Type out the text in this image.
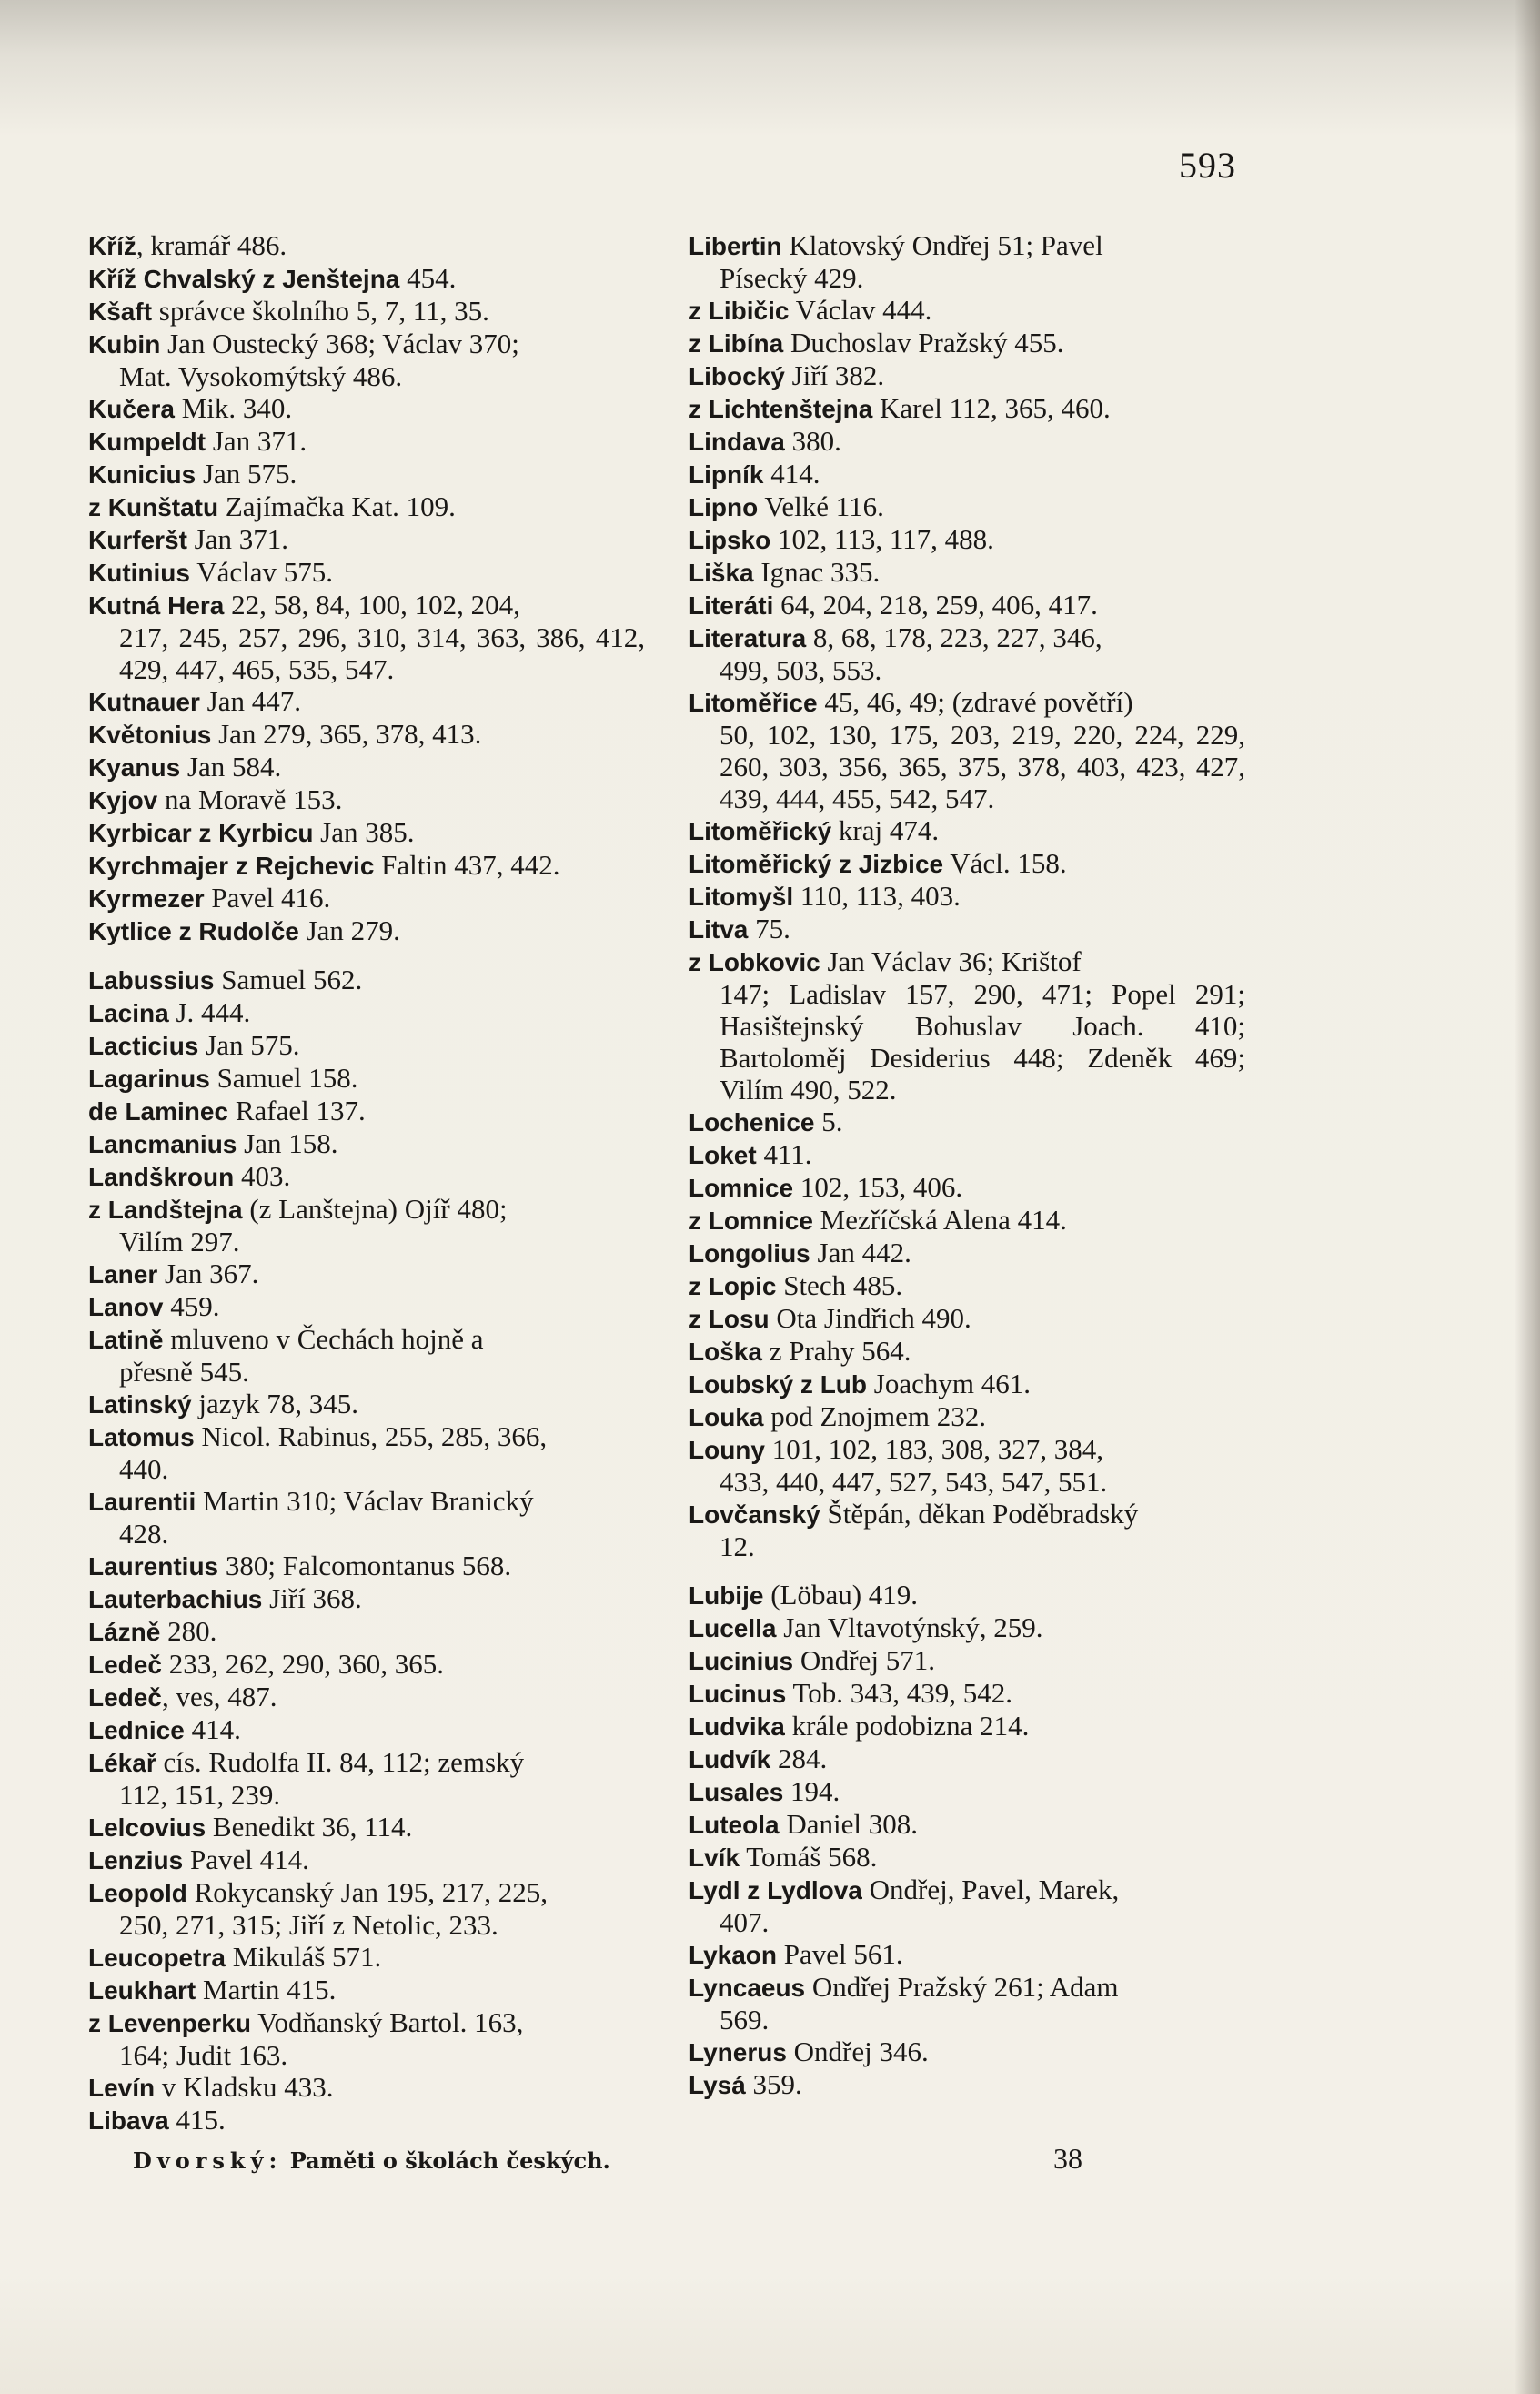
593

Kříž, kramář 486.

Kříž Chvalský z Jenštejna 454.

Kšaft správce školního 5, 7, 11, 35.

Kubin Jan Oustecký 368; Václav 370;
Mat. Vysokomýtský 486.

Kučera Mik. 340.

Kumpeldt Jan 371.

Kunicius Jan 575.

z Kunštatu Zajímačka Kat. 109.

Kurferšt Jan 371.

Kutinius Václav 575.

Kutná Hera 22, 58, 84, 100, 102, 204,
217, 245, 257, 296, 310, 314, 363, 386, 412, 429, 447, 465, 535, 547.

Kutnauer Jan 447.

Květonius Jan 279, 365, 378, 413.

Kyanus Jan 584.

Kyjov na Moravě 153.

Kyrbicar z Kyrbicu Jan 385.

Kyrchmajer z Rejchevic Faltin 437, 442.

Kyrmezer Pavel 416.

Kytlice z Rudolče Jan 279.

Labussius Samuel 562.

Lacina J. 444.

Lacticius Jan 575.

Lagarinus Samuel 158.

de Laminec Rafael 137.

Lancmanius Jan 158.

Landškroun 403.

z Landštejna (z Lanštejna) Ojíř 480;
Vilím 297.

Laner Jan 367.

Lanov 459.

Latině mluveno v Čechách hojně a
přesně 545.

Latinský jazyk 78, 345.

Latomus Nicol. Rabinus, 255, 285, 366,
440.

Laurentii Martin 310; Václav Branický
428.

Laurentius 380; Falcomontanus 568.

Lauterbachius Jiří 368.

Lázně 280.

Ledeč 233, 262, 290, 360, 365.

Ledeč, ves, 487.

Lednice 414.

Lékař cís. Rudolfa II. 84, 112; zemský
112, 151, 239.

Lelcovius Benedikt 36, 114.

Lenzius Pavel 414.

Leopold Rokycanský Jan 195, 217, 225,
250, 271, 315; Jiří z Netolic, 233.

Leucopetra Mikuláš 571.

Leukhart Martin 415.

z Levenperku Vodňanský Bartol. 163,
164; Judit 163.

Levín v Kladsku 433.

Libava 415.

Libertin Klatovský Ondřej 51; Pavel
Písecký 429.

z Libičic Václav 444.

z Libína Duchoslav Pražský 455.

Libocký Jiří 382.

z Lichtenštejna Karel 112, 365, 460.

Lindava 380.

Lipník 414.

Lipno Velké 116.

Lipsko 102, 113, 117, 488.

Liška Ignac 335.

Literáti 64, 204, 218, 259, 406, 417.

Literatura 8, 68, 178, 223, 227, 346,
499, 503, 553.

Litoměřice 45, 46, 49; (zdravé povětří)
50, 102, 130, 175, 203, 219, 220, 224, 229, 260, 303, 356, 365, 375, 378, 403, 423, 427, 439, 444, 455, 542, 547.

Litoměřický kraj 474.

Litoměřický z Jizbice Václ. 158.

Litomyšl 110, 113, 403.

Litva 75.

z Lobkovic Jan Václav 36; Krištof
147; Ladislav 157, 290, 471; Popel 291; Hasištejnský Bohuslav Joach. 410; Bartoloměj Desiderius 448; Zdeněk 469; Vilím 490, 522.

Lochenice 5.

Loket 411.

Lomnice 102, 153, 406.

z Lomnice Mezříčská Alena 414.

Longolius Jan 442.

z Lopic Stech 485.

z Losu Ota Jindřich 490.

Loška z Prahy 564.

Loubský z Lub Joachym 461.

Louka pod Znojmem 232.

Louny 101, 102, 183, 308, 327, 384,
433, 440, 447, 527, 543, 547, 551.

Lovčanský Štěpán, děkan Poděbradský
12.

Lubije (Löbau) 419.

Lucella Jan Vltavotýnský, 259.

Lucinius Ondřej 571.

Lucinus Tob. 343, 439, 542.

Ludvika krále podobizna 214.

Ludvík 284.

Lusales 194.

Luteola Daniel 308.

Lvík Tomáš 568.

Lydl z Lydlova Ondřej, Pavel, Marek,
407.

Lykaon Pavel 561.

Lyncaeus Ondřej Pražský 261; Adam
569.

Lynerus Ondřej 346.

Lysá 359.

Dvorský: Paměti o školách českých.	38
